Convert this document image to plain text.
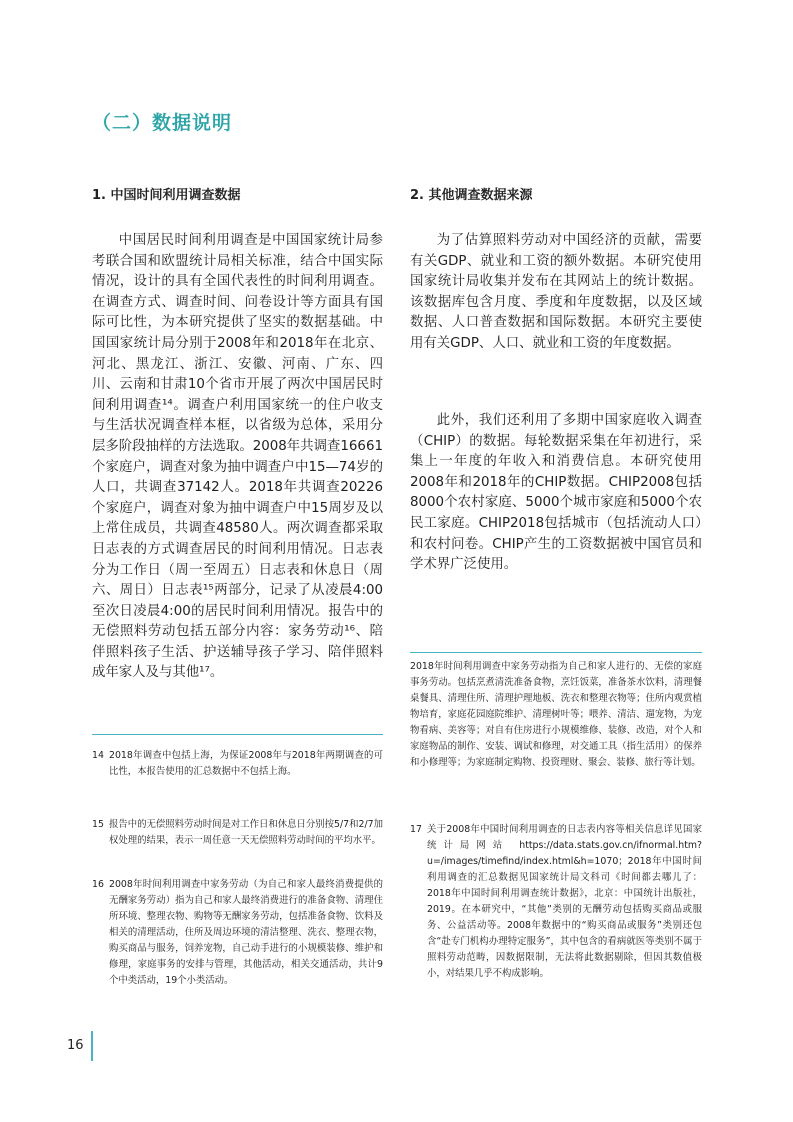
（二）数据说明
1. 中国时间利用调查数据

中国居民时间利用调查是中国国家统计局参考联合国和欧盟统计局相关标准，结合中国实际情况，设计的具有全国代表性的时间利用调查。在调查方式、调查时间、问卷设计等方面具有国际可比性，为本研究提供了坚实的数据基础。中国国家统计局分别于2008年和2018年在北京、河北、黑龙江、浙江、安徽、河南、广东、四川、云南和甘肃10个省市开展了两次中国居民时间利用调查¹⁴。调查户利用国家统一的住户收支与生活状况调查样本框，以省级为总体，采用分层多阶段抽样的方法选取。2008年共调查16661个家庭户，调查对象为抽中调查户中15—74岁的人口，共调查37142人。2018年共调查20226个家庭户，调查对象为抽中调查户中15周岁及以上常住成员，共调查48580人。两次调查都采取日志表的方式调查居民的时间利用情况。日志表分为工作日（周一至周五）日志表和休息日（周六、周日）日志表¹⁵两部分，记录了从凌晨4:00至次日凌晨4:00的居民时间利用情况。报告中的无偿照料劳动包括五部分内容：家务劳动¹⁶、陪伴照料孩子生活、护送辅导孩子学习、陪伴照料成年家人及与其他¹⁷。

2. 其他调查数据来源

为了估算照料劳动对中国经济的贡献，需要有关GDP、就业和工资的额外数据。本研究使用国家统计局收集并发布在其网站上的统计数据。该数据库包含月度、季度和年度数据，以及区域数据、人口普查数据和国际数据。本研究主要使用有关GDP、人口、就业和工资的年度数据。

此外，我们还利用了多期中国家庭收入调查（CHIP）的数据。每轮数据采集在年初进行，采集上一年度的年收入和消费信息。本研究使用2008年和2018年的CHIP数据。CHIP2008包括8000个农村家庭、5000个城市家庭和5000个农民工家庭。CHIP2018包括城市（包括流动人口）和农村问卷。CHIP产生的工资数据被中国官员和学术界广泛使用。

14 2018年调查中包括上海，为保证2008年与2018年两期调查的可比性，本报告使用的汇总数据中不包括上海。
15 报告中的无偿照料劳动时间是对工作日和休息日分别按5/7和2/7加权处理的结果，表示一周任意一天无偿照料劳动时间的平均水平。
16 2008年时间利用调查中家务劳动（为自己和家人最终消费提供的无酬家务劳动）指为自己和家人最终消费进行的准备食物、清理住所环境、整理衣物、购物等无酬家务劳动，包括准备食物、饮料及相关的清理活动，住所及周边环境的清洁整理、洗衣、整理衣物，购买商品与服务，饲养宠物，自己动手进行的小规模装修、维护和修理，家庭事务的安排与管理，其他活动，相关交通活动，共计9个中类活动，19个小类活动。

2018年时间利用调查中家务劳动指为自己和家人进行的、无偿的家庭事务劳动。包括烹煮清洗准备食物，烹饪饭菜，准备茶水饮料，清理餐桌餐具、清理住所、清理护理地板、洗衣和整理衣物等；住所内观赏植物培育，家庭花园庭院维护、清理树叶等；喂养、清洁、遛宠物，为宠物看病、美容等；对自有住房进行小规模维修、装修、改造，对个人和家庭物品的制作、安装、调试和修理，对交通工具（指生活用）的保养和小修理等；为家庭制定购物、投资理财、聚会、装修、旅行等计划。

17 关于2008年中国时间利用调查的日志表内容等相关信息详见国家统计局网站 https://data.stats.gov.cn/ifnormal.htm?u=/images/timefind/index.html&h=1070；2018年中国时间利用调查的汇总数据见国家统计局文科司《时间都去哪儿了：2018年中国时间利用调查统计数据》，北京：中国统计出版社，2019。在本研究中，“其他”类别的无酬劳动包括购买商品或服务、公益活动等。2008年数据中的“购买商品或服务”类别还包含“赴专门机构办理特定服务”，其中包含的看病就医等类别不属于照料劳动范畴，因数据限制，无法将此数据剔除，但因其数值极小，对结果几乎不构成影响。
16
